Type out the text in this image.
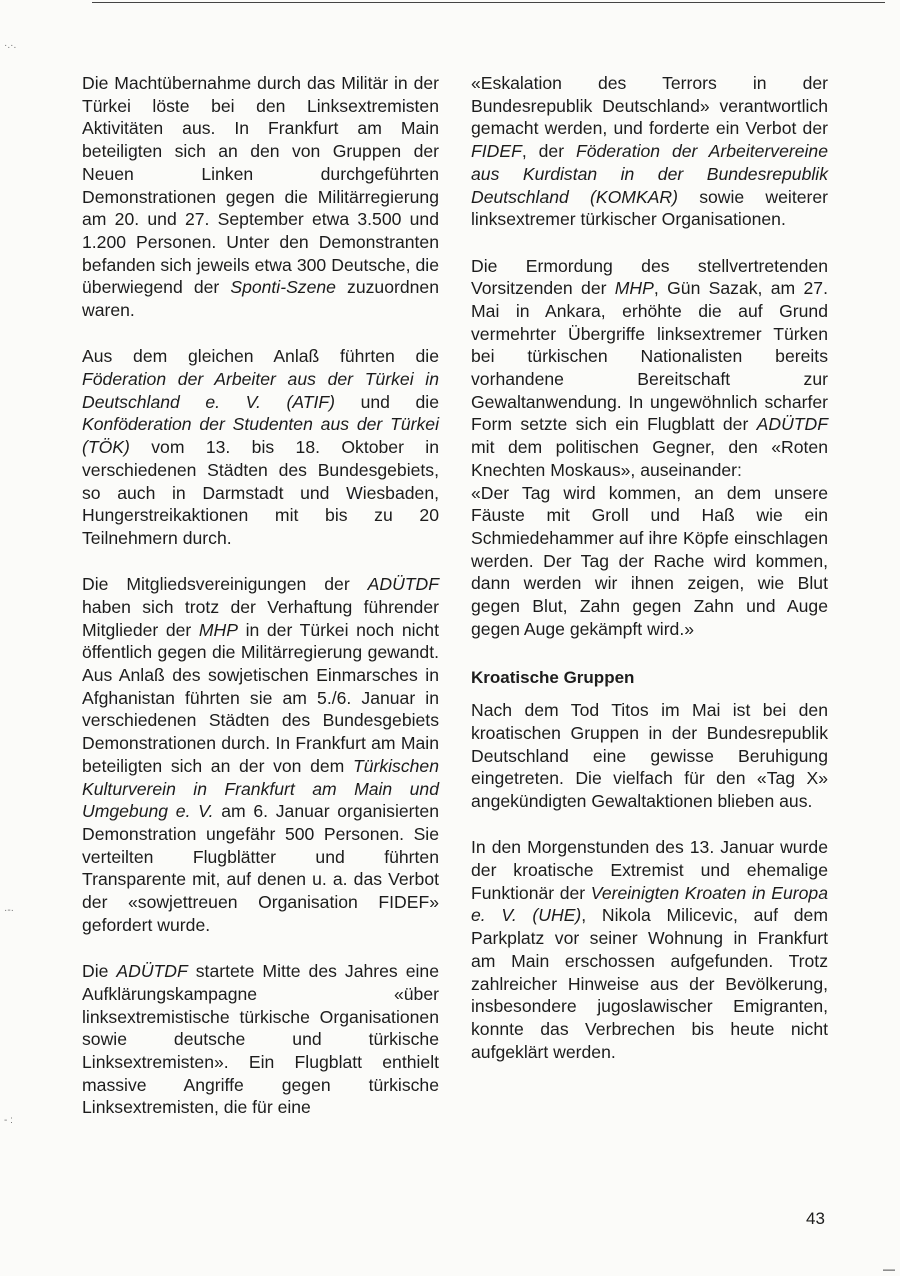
Die Machtübernahme durch das Militär in der Türkei löste bei den Linksextremisten Aktivitäten aus. In Frankfurt am Main beteiligten sich an den von Gruppen der Neuen Linken durchgeführten Demonstrationen gegen die Militärregierung am 20. und 27. September etwa 3.500 und 1.200 Personen. Unter den Demonstranten befanden sich jeweils etwa 300 Deutsche, die überwiegend der Sponti-Szene zuzuordnen waren.

Aus dem gleichen Anlaß führten die Föderation der Arbeiter aus der Türkei in Deutschland e. V. (ATIF) und die Konföderation der Studenten aus der Türkei (TÖK) vom 13. bis 18. Oktober in verschiedenen Städten des Bundesgebiets, so auch in Darmstadt und Wiesbaden, Hungerstreikaktionen mit bis zu 20 Teilnehmern durch.

Die Mitgliedsvereinigungen der ADÜTDF haben sich trotz der Verhaftung führender Mitglieder der MHP in der Türkei noch nicht öffentlich gegen die Militärregierung gewandt. Aus Anlaß des sowjetischen Einmarsches in Afghanistan führten sie am 5./6. Januar in verschiedenen Städten des Bundesgebiets Demonstrationen durch. In Frankfurt am Main beteiligten sich an der von dem Türkischen Kulturverein in Frankfurt am Main und Umgebung e. V. am 6. Januar organisierten Demonstration ungefähr 500 Personen. Sie verteilten Flugblätter und führten Transparente mit, auf denen u. a. das Verbot der «sowjettreuen Organisation FIDEF» gefordert wurde.

Die ADÜTDF startete Mitte des Jahres eine Aufklärungskampagne «über linksextremistische türkische Organisationen sowie deutsche und türkische Linksextremisten». Ein Flugblatt enthielt massive Angriffe gegen türkische Linksextremisten, die für eine

«Eskalation des Terrors in der Bundesrepublik Deutschland» verantwortlich gemacht werden, und forderte ein Verbot der FIDEF, der Föderation der Arbeitervereine aus Kurdistan in der Bundesrepublik Deutschland (KOMKAR) sowie weiterer linksextremer türkischer Organisationen.

Die Ermordung des stellvertretenden Vorsitzenden der MHP, Gün Sazak, am 27. Mai in Ankara, erhöhte die auf Grund vermehrter Übergriffe linksextremer Türken bei türkischen Nationalisten bereits vorhandene Bereitschaft zur Gewaltanwendung. In ungewöhnlich scharfer Form setzte sich ein Flugblatt der ADÜTDF mit dem politischen Gegner, den «Roten Knechten Moskaus», auseinander:

«Der Tag wird kommen, an dem unsere Fäuste mit Groll und Haß wie ein Schmiedehammer auf ihre Köpfe einschlagen werden. Der Tag der Rache wird kommen, dann werden wir ihnen zeigen, wie Blut gegen Blut, Zahn gegen Zahn und Auge gegen Auge gekämpft wird.»

Kroatische Gruppen

Nach dem Tod Titos im Mai ist bei den kroatischen Gruppen in der Bundesrepublik Deutschland eine gewisse Beruhigung eingetreten. Die vielfach für den «Tag X» angekündigten Gewaltaktionen blieben aus.

In den Morgenstunden des 13. Januar wurde der kroatische Extremist und ehemalige Funktionär der Vereinigten Kroaten in Europa e. V. (UHE), Nikola Milicevic, auf dem Parkplatz vor seiner Wohnung in Frankfurt am Main erschossen aufgefunden. Trotz zahlreicher Hinweise aus der Bevölkerung, insbesondere jugoslawischer Emigranten, konnte das Verbrechen bis heute nicht aufgeklärt werden.

43
·.·.
·-·
- :
—
